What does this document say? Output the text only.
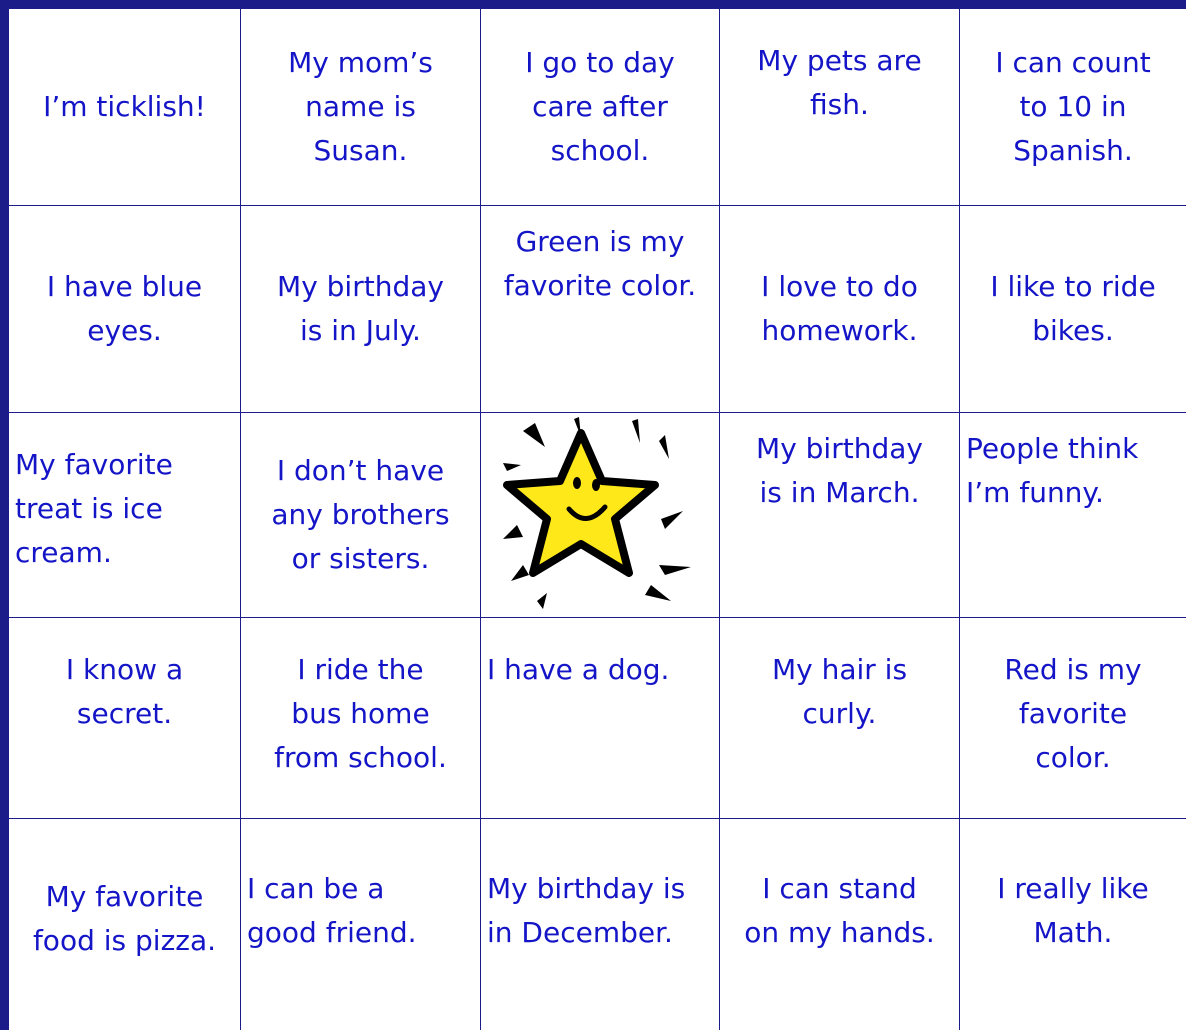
I’m ticklish!
My mom’s
name is
Susan.
I go to day
care after
school.
My pets are
fish.
I can count
to 10 in
Spanish.
I have blue
eyes.
My birthday
is in July.
Green is my
favorite color. I love to do
homework.
I like to ride
bikes.
My favorite
treat is ice
cream.
I don’t have
any brothers
or sisters.
My birthday
is in March.
People think
I’m funny.
I know a
secret.
I ride the
bus home
from school.
I have a dog.	My hair is
curly.
Red is my
favorite
color.
My favorite
food is pizza.
I can be a
good friend.
My birthday is
in December.
I can stand
on my hands.
I really like
Math.
